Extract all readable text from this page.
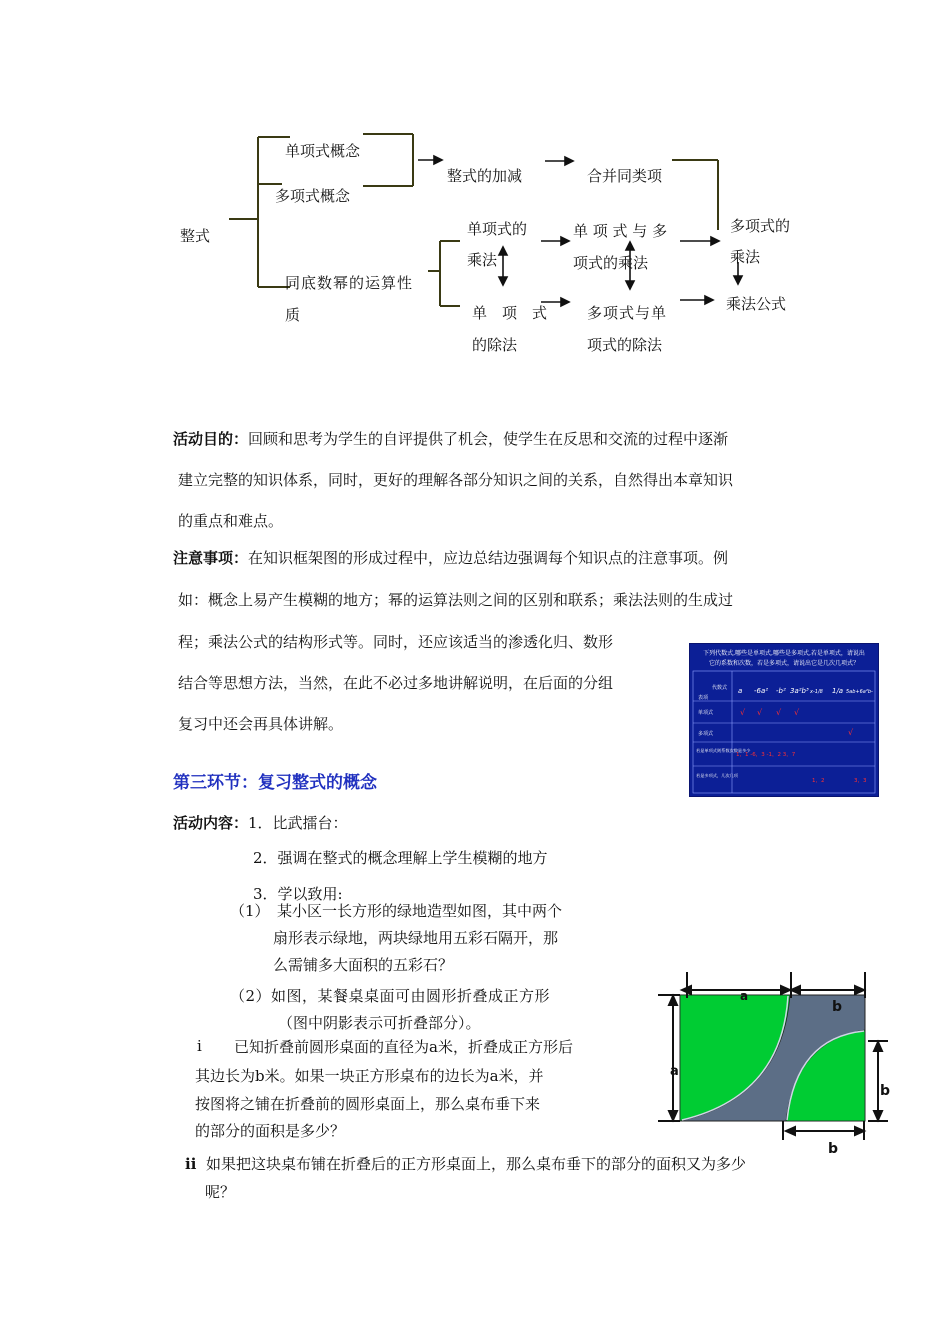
整式
单项式概念
多项式概念
同底数幂的运算性
质
整式的加减	合并同类项
单项式的
乘法
单 项 式 与 多
项式的乘法
多项式的
乘法
单　项　式
的除法
多项式与单
项式的除法
乘法公式
活动目的：回顾和思考为学生的自评提供了机会，使学生在反思和交流的过程中逐渐
建立完整的知识体系，同时，更好的理解各部分知识之间的关系，自然得出本章知识
的重点和难点。
注意事项：在知识框架图的形成过程中，应边总结边强调每个知识点的注意事项。例
如：概念上易产生模糊的地方；幂的运算法则之间的区别和联系；乘法法则的生成过
程；乘法公式的结构形式等。同时，还应该适当的渗透化归、数形
结合等思想方法，当然，在此不必过多地讲解说明，在后面的分组
复习中还会再具体讲解。
下列代数式,哪些是单项式,哪些是多项式,若是单项式，请说出
它的系数和次数，若是多项式，请说出它是几次几项式？
代数式
表项
单项式
多项式
若是单项式则系数次数是多少
若是多项式，几次几项
a -6a² -b² 3a²b³ x-1/8 1/a 5ab+6a²b-
√ √ √ √
√
1，1 -6，3 -1，2 3，7
1，2	3，3
第三环节：复习整式的概念
活动内容：1．比武擂台：
2．强调在整式的概念理解上学生模糊的地方
3．学以致用:
（1）　某小区一长方形的绿地造型如图，其中两个
扇形表示绿地，两块绿地用五彩石隔开，那
么需铺多大面积的五彩石？
（2）如图，某餐桌桌面可由圆形折叠成正方形
（图中阴影表示可折叠部分）。
ⅰ 已知折叠前圆形桌面的直径为a米，折叠成正方形后
其边长为b米。如果一块正方形桌布的边长为a米，并
按图将之铺在折叠前的圆形桌面上，那么桌布垂下来
的部分的面积是多少？
ⅱ 如果把这块桌布铺在折叠后的正方形桌面上，那么桌布垂下的部分的面积又为多少
呢？
a
b
a
b
b
